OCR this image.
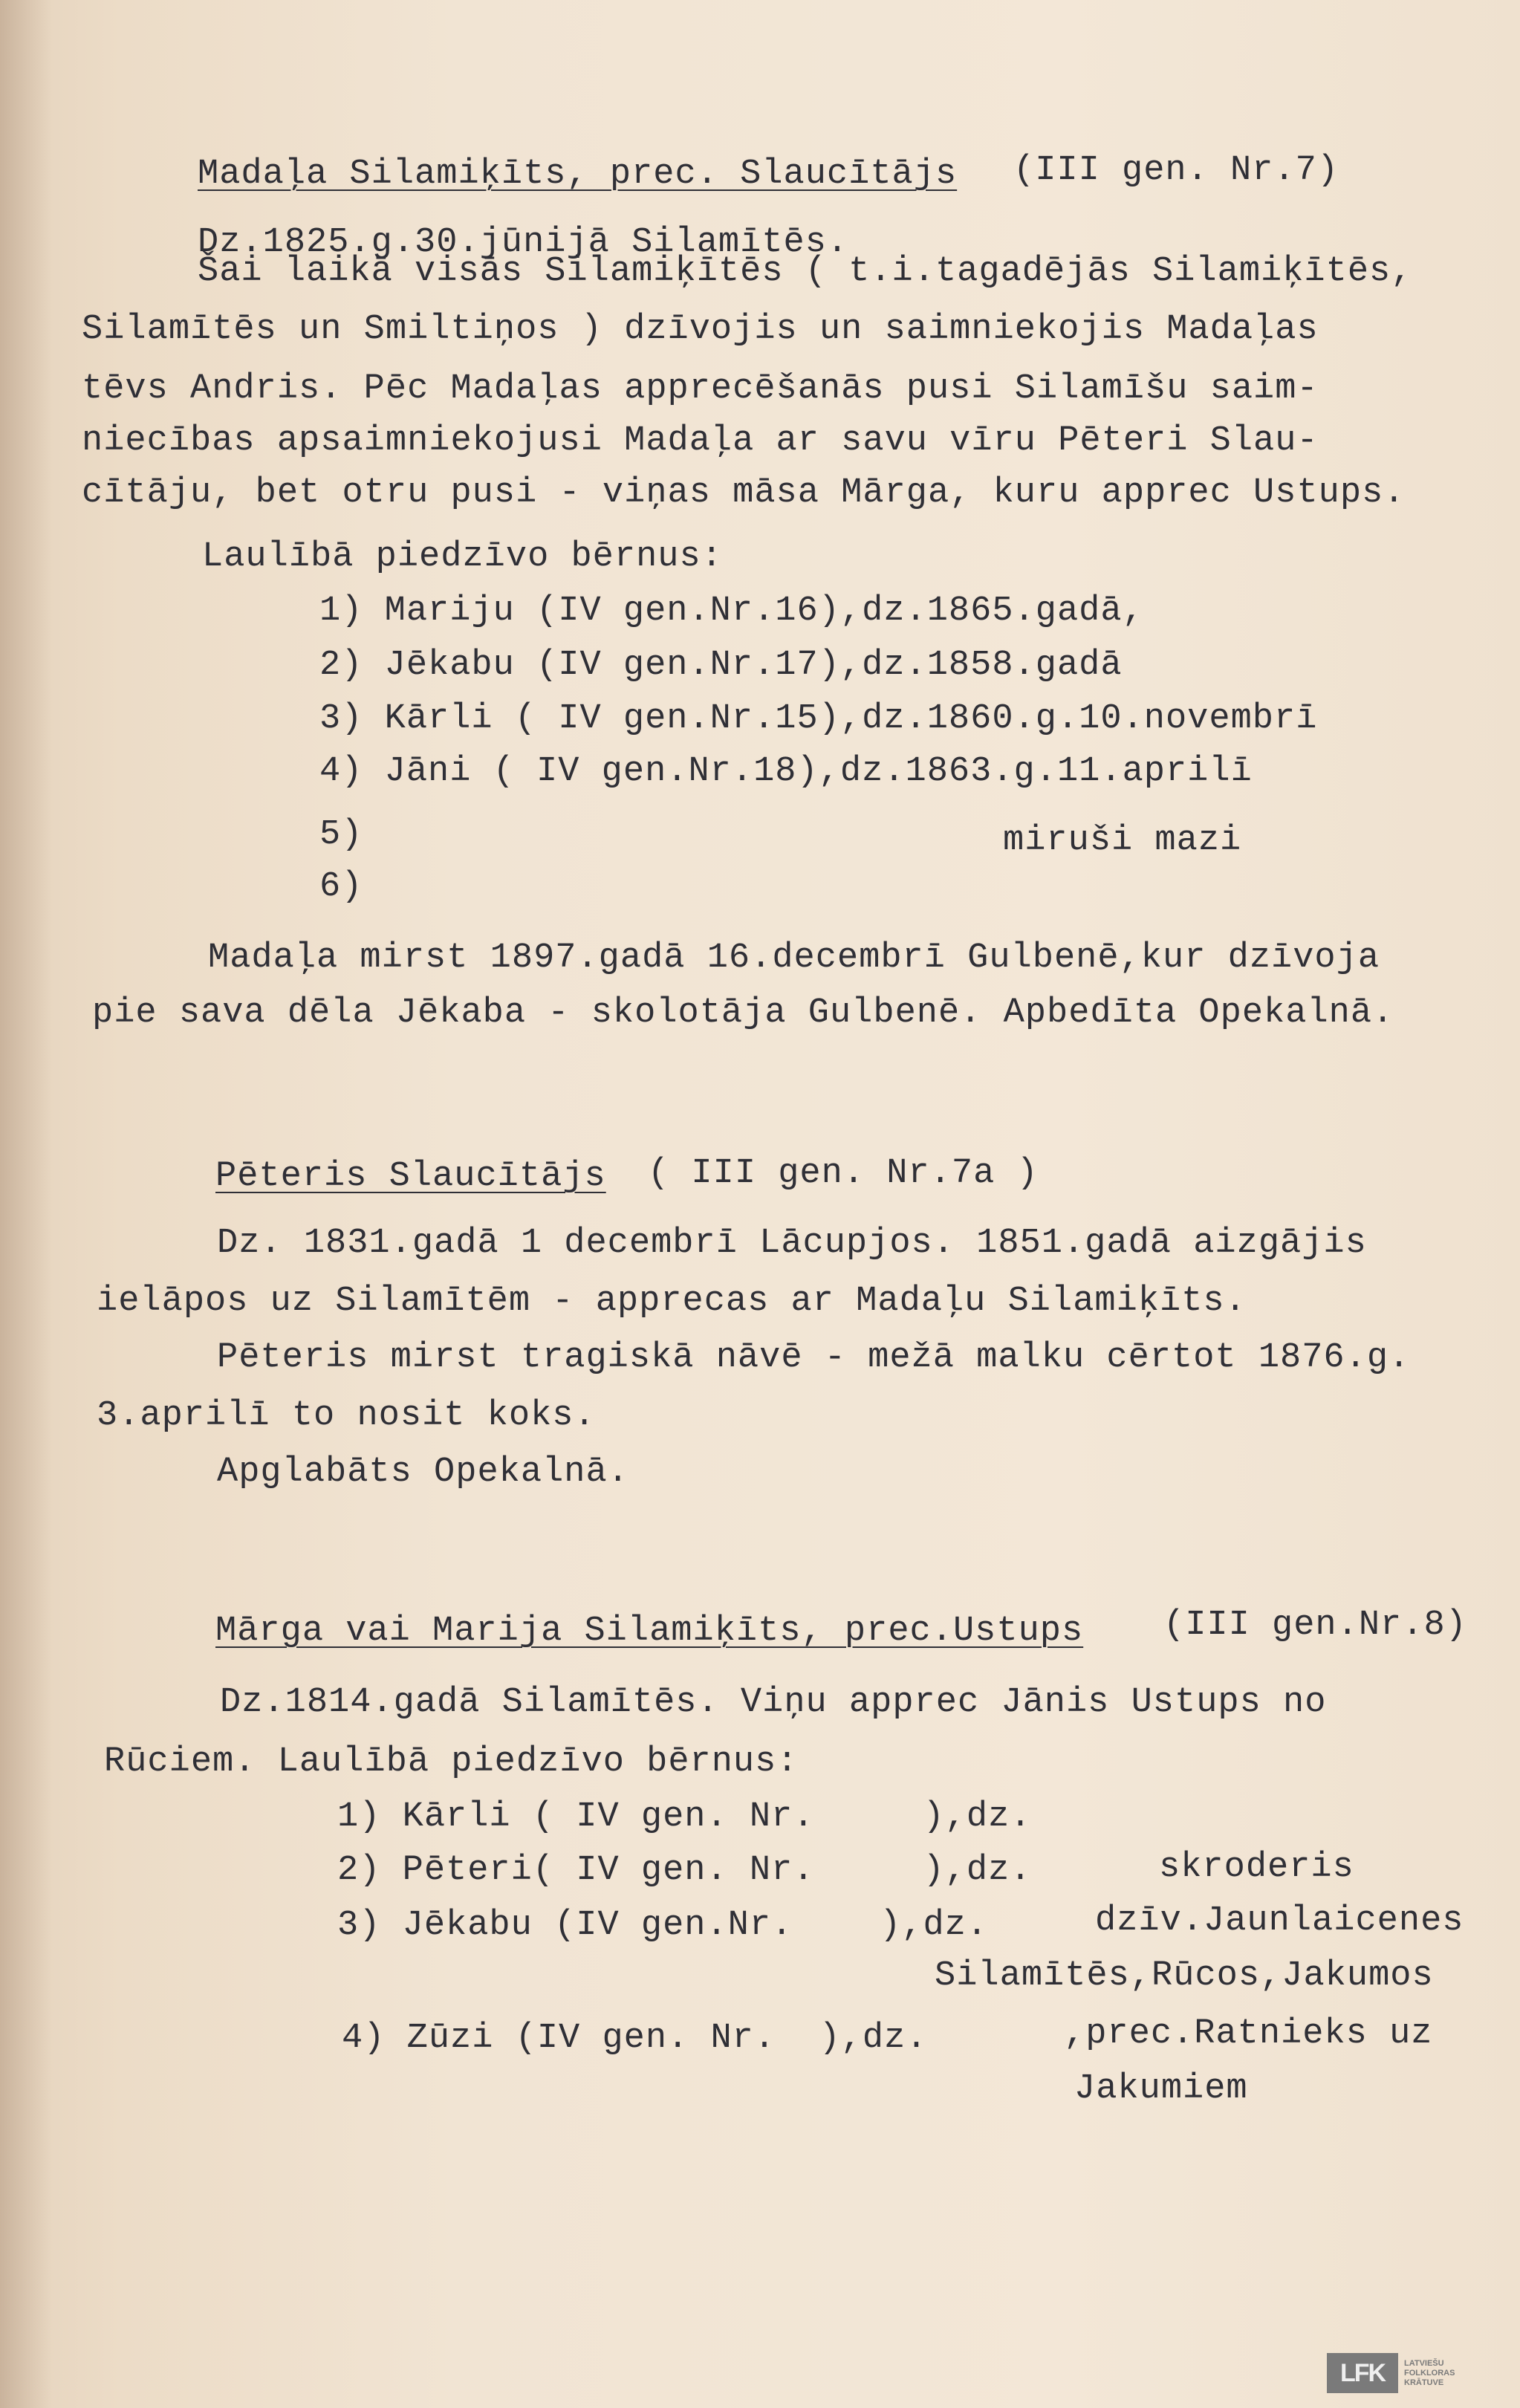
Madaļa Silamiķīts, prec. Slaucītājs (III gen. Nr.7)
Dz.1825.g.30.jūnijā Silamītēs.
Šai laikā visās Silamiķītēs ( t.i.tagadējās Silamiķītēs,
Silamītēs un Smiltiņos ) dzīvojis un saimniekojis Madaļas
tēvs Andris. Pēc Madaļas apprecēšanās pusi Silamīšu saim-
niecības apsaimniekojusi Madaļa ar savu vīru Pēteri Slau-
cītāju, bet otru pusi - viņas māsa Mārga, kuru apprec Ustups.
Laulībā piedzīvo bērnus:
1) Mariju (IV gen.Nr.16),dz.1865.gadā,
2) Jēkabu (IV gen.Nr.17),dz.1858.gadā
3) Kārli ( IV gen.Nr.15),dz.1860.g.10.novembrī
4) Jāni ( IV gen.Nr.18),dz.1863.g.11.aprilī
5)	miruši mazi
6)
Madaļa mirst 1897.gadā 16.decembrī Gulbenē,kur dzīvoja
pie sava dēla Jēkaba - skolotāja Gulbenē. Apbedīta Opekalnā.
Pēteris Slaucītājs ( III gen. Nr.7a )
Dz. 1831.gadā 1 decembrī Lācupjos. 1851.gadā aizgājis
ielāpos uz Silamītēm - apprecas ar Madaļu Silamiķīts.
Pēteris mirst tragiskā nāvē - mežā malku cērtot 1876.g.
3.aprilī to nosit koks.
Apglabāts Opekalnā.
Mārga vai Marija Silamiķīts, prec.Ustups (III gen.Nr.8)
Dz.1814.gadā Silamītēs. Viņu apprec Jānis Ustups no
Rūciem. Laulībā piedzīvo bērnus:
1) Kārli ( IV gen. Nr.     ),dz.
2) Pēteri( IV gen. Nr.     ),dz.	skroderis
3) Jēkabu (IV gen.Nr.    ),dz.	dzīv.Jaunlaicenes
Silamītēs,Rūcos,Jakumos
4) Zūzi (IV gen. Nr.  ),dz.	,prec.Ratnieks uz
Jakumiem
LFK	LATVIEŠU
FOLKLORAS
KRĀTUVE
